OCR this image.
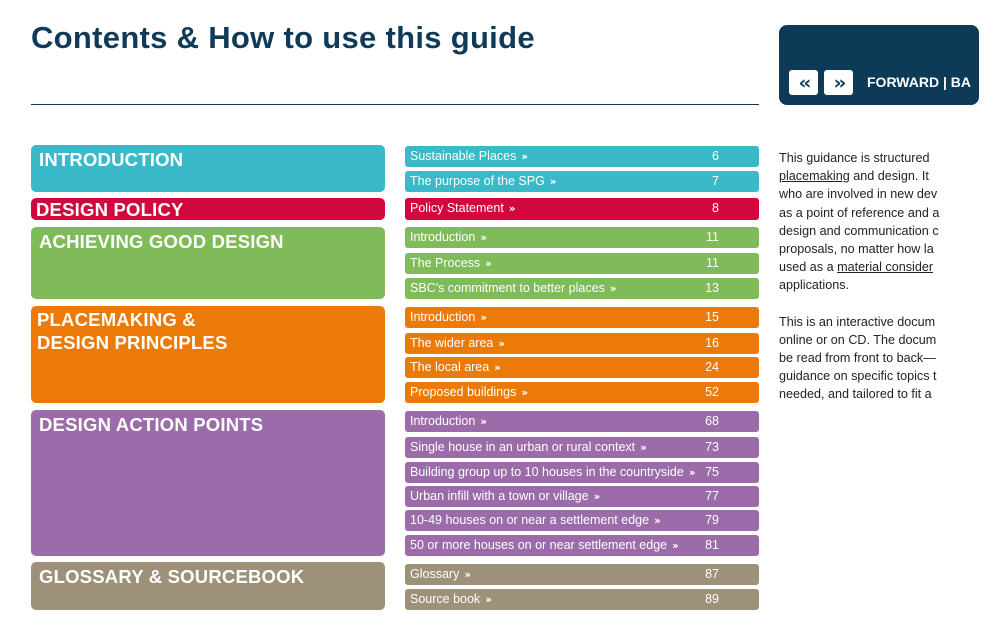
Contents & How to use this guide
‹‹	››	FORWARD | BA
INTRODUCTION
DESIGN POLICY
ACHIEVING GOOD DESIGN
PLACEMAKING &
DESIGN PRINCIPLES
DESIGN ACTION POINTS
GLOSSARY & SOURCEBOOK
Sustainable Places ››	6
The purpose of the SPG ››	7
Policy Statement ››	8
Introduction ››	11
The Process ››	11
SBC's commitment to better places ››	13
Introduction ››	15
The wider area ››	16
The local area ››	24
Proposed buildings ››	52
Introduction ››	68
Single house in an urban or rural context ››	73
Building group up to 10 houses in the countryside ›› 75
Urban infill with a town or village ››	77
10-49 houses on or near a settlement edge ››	79
50 or more houses on or near settlement edge ›› 81
Glossary ››	87
Source book ››	89
This guidance is structured
placemaking and design. It
who are involved in new dev
as a point of reference and a
design and communication c
proposals, no matter how la
used as a material consider
applications.
This is an interactive docum
online or on CD. The docum
be read from front to back—
guidance on specific topics t
needed, and tailored to fit a
